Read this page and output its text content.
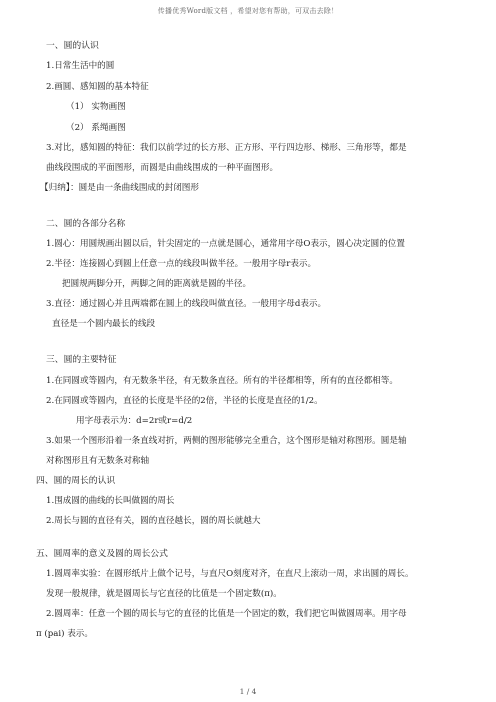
传播优秀Word版文档 ，希望对您有帮助，可双击去除！
一、圆的认识
1.日常生活中的圆
2.画圆、感知圆的基本特征
（1） 实物画图
（2） 系绳画图
3.对比，感知圆的特征：我们以前学过的长方形、正方形、平行四边形、梯形、三角形等，都是
曲线段围成的平面图形，而圆是由曲线围成的一种平面图形。
【归纳】：圆是由一条曲线围成的封闭图形
二、圆的各部分名称
1.圆心：用圆规画出圆以后，针尖固定的一点就是圆心，通常用字母O表示，圆心决定圆的位置
2.半径：连接圆心到圆上任意一点的线段叫做半径。一般用字母r表示。
把圆规两脚分开，两脚之间的距离就是圆的半径。
3.直径：通过圆心并且两端都在圆上的线段叫做直径。一般用字母d表示。
直径是一个圆内最长的线段
三、圆的主要特征
1.在同圆或等圆内，有无数条半径，有无数条直径。所有的半径都相等，所有的直径都相等。
2.在同圆或等圆内，直径的长度是半径的2倍，半径的长度是直径的1/2。
用字母表示为：d=2r或r=d/2
3.如果一个图形沿着一条直线对折，两侧的图形能够完全重合，这个图形是轴对称图形。圆是轴
对称图形且有无数条对称轴
四、圆的周长的认识
1.围成圆的曲线的长叫做圆的周长
2.周长与圆的直径有关，圆的直径越长，圆的周长就越大
五、圆周率的意义及圆的周长公式
1.圆周率实验：在圆形纸片上做个记号，与直尺O刻度对齐，在直尺上滚动一周，求出圆的周长。
发现一般规律，就是圆周长与它直径的比值是一个固定数(π)。
2.圆周率：任意一个圆的周长与它的直径的比值是一个固定的数，我们把它叫做圆周率。用字母
π (pai) 表示。
1 / 4
